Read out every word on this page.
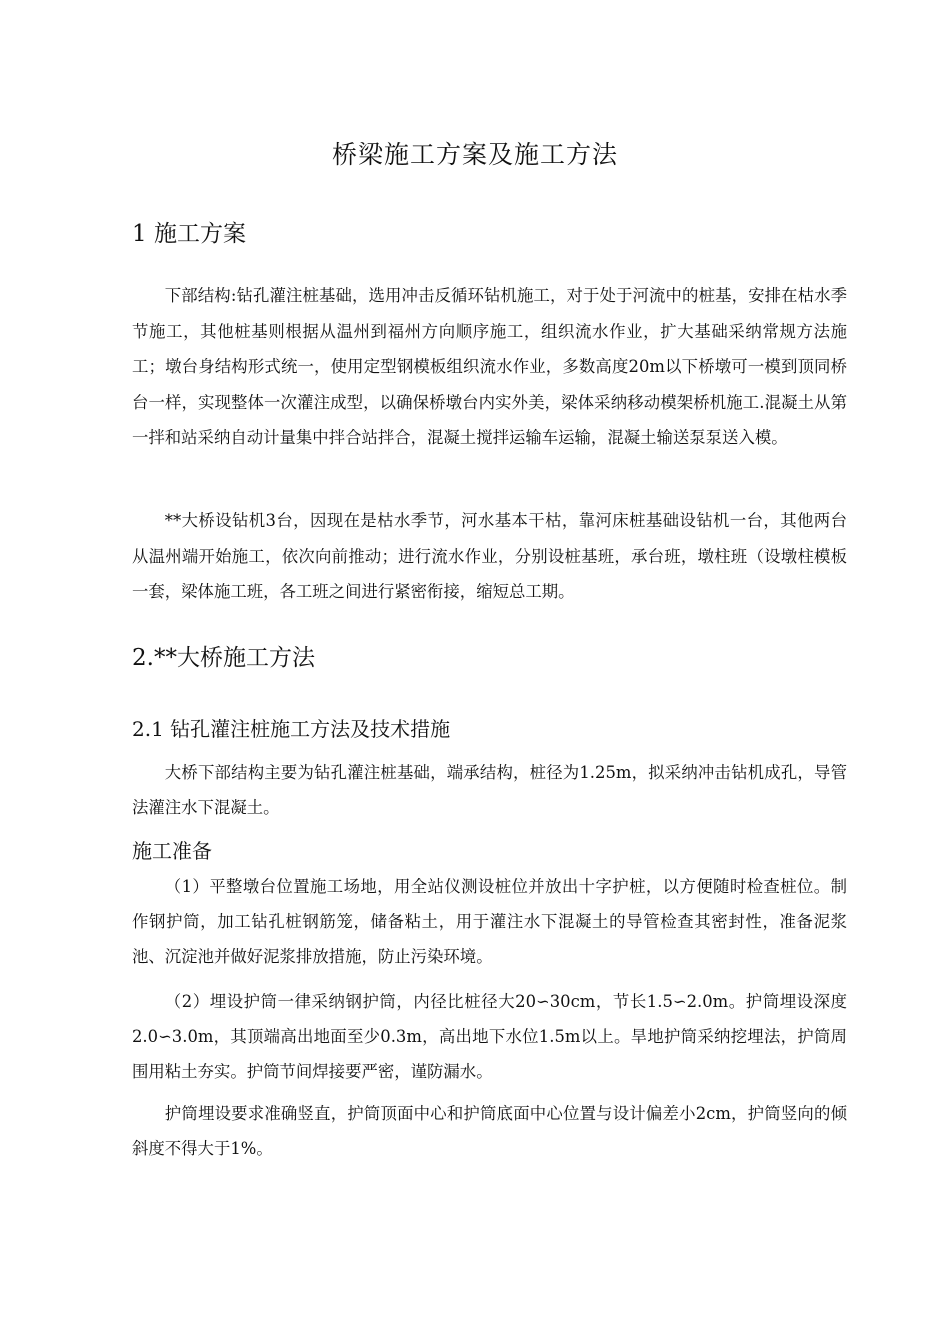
桥梁施工方案及施工方法
1 施工方案

下部结构:钻孔灌注桩基础，选用冲击反循环钻机施工，对于处于河流中的桩基，安排在枯水季节施工，其他桩基则根据从温州到福州方向顺序施工，组织流水作业，扩大基础采纳常规方法施工；墩台身结构形式统一，使用定型钢模板组织流水作业，多数高度20m以下桥墩可一模到顶同桥台一样，实现整体一次灌注成型，以确保桥墩台内实外美，梁体采纳移动模架桥机施工.混凝土从第一拌和站采纳自动计量集中拌合站拌合，混凝土搅拌运输车运输，混凝土输送泵泵送入模。

**大桥设钻机3台，因现在是枯水季节，河水基本干枯，靠河床桩基础设钻机一台，其他两台从温州端开始施工，依次向前推动；进行流水作业，分别设桩基班，承台班，墩柱班（设墩柱模板一套，梁体施工班，各工班之间进行紧密衔接，缩短总工期。

2.**大桥施工方法
2.1 钻孔灌注桩施工方法及技术措施

大桥下部结构主要为钻孔灌注桩基础，端承结构，桩径为1.25m，拟采纳冲击钻机成孔，导管法灌注水下混凝土。

施工准备

（1）平整墩台位置施工场地，用全站仪测设桩位并放出十字护桩，以方便随时检查桩位。制作钢护筒，加工钻孔桩钢筋笼，储备粘土，用于灌注水下混凝土的导管检查其密封性，准备泥浆池、沉淀池并做好泥浆排放措施，防止污染环境。

（2）埋设护筒一律采纳钢护筒，内径比桩径大20∽30cm，节长1.5∽2.0m。护筒埋设深度2.0∽3.0m，其顶端高出地面至少0.3m，高出地下水位1.5m以上。旱地护筒采纳挖埋法，护筒周围用粘土夯实。护筒节间焊接要严密，谨防漏水。

护筒埋设要求准确竖直，护筒顶面中心和护筒底面中心位置与设计偏差小2cm，护筒竖向的倾斜度不得大于1%。
